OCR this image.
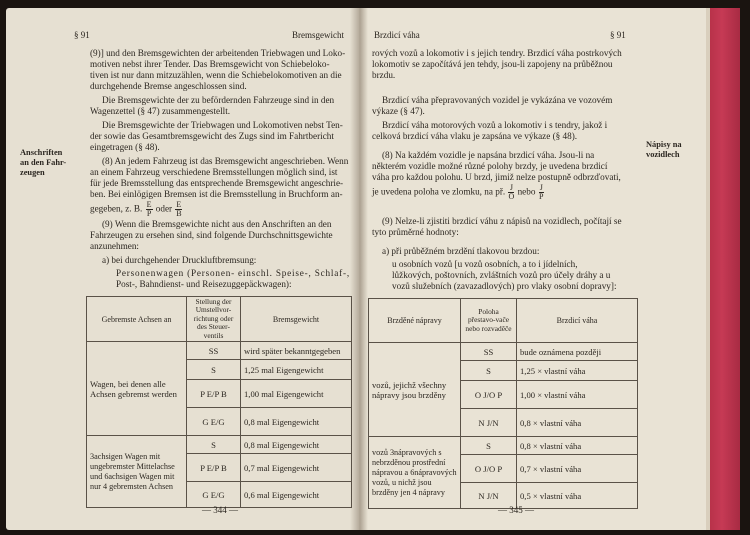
§ 91	Bremsgewicht
Anschriften
an den Fahr-
zeugen
(9)] und den Bremsgewichten der arbeitenden Triebwagen und Loko-
motiven nebst ihrer Tender. Das Bremsgewicht von Schiebeloko-
tiven ist nur dann mitzuzählen, wenn die Schiebelokomotiven an die
durchgehende Bremse angeschlossen sind.
Die Bremsgewichte der zu befördernden Fahrzeuge sind in den
Wagenzettel (§ 47) zusammengestellt.
Die Bremsgewichte der Triebwagen und Lokomotiven nebst Ten-
der sowie das Gesamtbremsgewicht des Zugs sind im Fahrtbericht
eingetragen (§ 48).
(8) An jedem Fahrzeug ist das Bremsgewicht angeschrieben. Wenn
an einem Fahrzeug verschiedene Bremsstellungen möglich sind, ist
für jede Bremsstellung das entsprechende Bremsgewicht angeschrie-
ben. Bei einlögigen Bremsen ist die Bremsstellung in Bruchform an-
gegeben, z. B. $\frac{E}{P}$ oder $\frac{E}{B}$
(9) Wenn die Bremsgewichte nicht aus den Anschriften an den
Fahrzeugen zu ersehen sind, sind folgende Durchschnittsgewichte
anzunehmen:
a) bei durchgehender Druckluftbremsung:
Personenwagen (Personen- einschl. Speise-, Schlaf-,
Post-, Bahndienst- und Reisezuggepäckwagen):
Gebremste Achsen an	Stellung der Umstellvor-richtung oder des Steuer-ventils	Bremsgewicht
Wagen, bei denen alle Achsen gebremst werden	SS	wird später bekanntgegeben
	S	1,25 mal Eigengewicht
	P E/P B	1,00 mal Eigengewicht
	G E/G	0,8 mal Eigengewicht
3achsigen Wagen mit ungebremster Mittelachse und 6achsigen Wagen mit nur 4 gebremsten Achsen	S	0,8 mal Eigengewicht
	P E/P B	0,7 mal Eigengewicht
	G E/G	0,6 mal Eigengewicht
— 344 —
Brzdicí váha	§ 91
Nápisy na
vozidlech
rových vozů a lokomotiv i s jejich tendry. Brzdicí váha postrkových
lokomotiv se započítává jen tehdy, jsou-li zapojeny na průběžnou
brzdu.
Brzdicí váha přepravovaných vozidel je vykázána ve vozovém
výkaze (§ 47).
Brzdicí váha motorových vozů a lokomotiv i s tendry, jakož i
celková brzdicí váha vlaku je zapsána ve výkaze (§ 48).
(8) Na každém vozidle je napsána brzdicí váha. Jsou-li na
některém vozidle možné různé polohy brzdy, je uvedena brzdicí
váha pro každou polohu. U brzd, jimiž nelze postupně odbrzďovati,
je uvedena poloha ve zlomku, na př. $\frac{J}{O}$ nebo $\frac{J}{P}$
(9) Nelze-li zjistiti brzdicí váhu z nápisů na vozidlech, počítají se
tyto průměrné hodnoty:
a) při průběžném brzdění tlakovou brzdou:
u osobních vozů [u vozů osobních, a to i jídelních,
lůžkových, poštovních, zvláštních vozů pro účely dráhy a u
vozů služebních (zavazadlových) pro vlaky osobní dopravy]:
Brzděné nápravy	Poloha přestavo-vače nebo rozvaděče	Brzdicí váha
vozů, jejichž všechny nápravy jsou brzděny	SS	bude oznámena později
	S	1,25 × vlastní váha
	O J/O P	1,00 × vlastní váha
	N J/N	0,8 × vlastní váha
vozů 3nápravových s nebrzděnou prostřední nápravou a 6nápravových vozů, u nichž jsou brzděny jen 4 nápravy	S	0,8 × vlastní váha
	O J/O P	0,7 × vlastní váha
	N J/N	0,5 × vlastní váha
— 345 —
